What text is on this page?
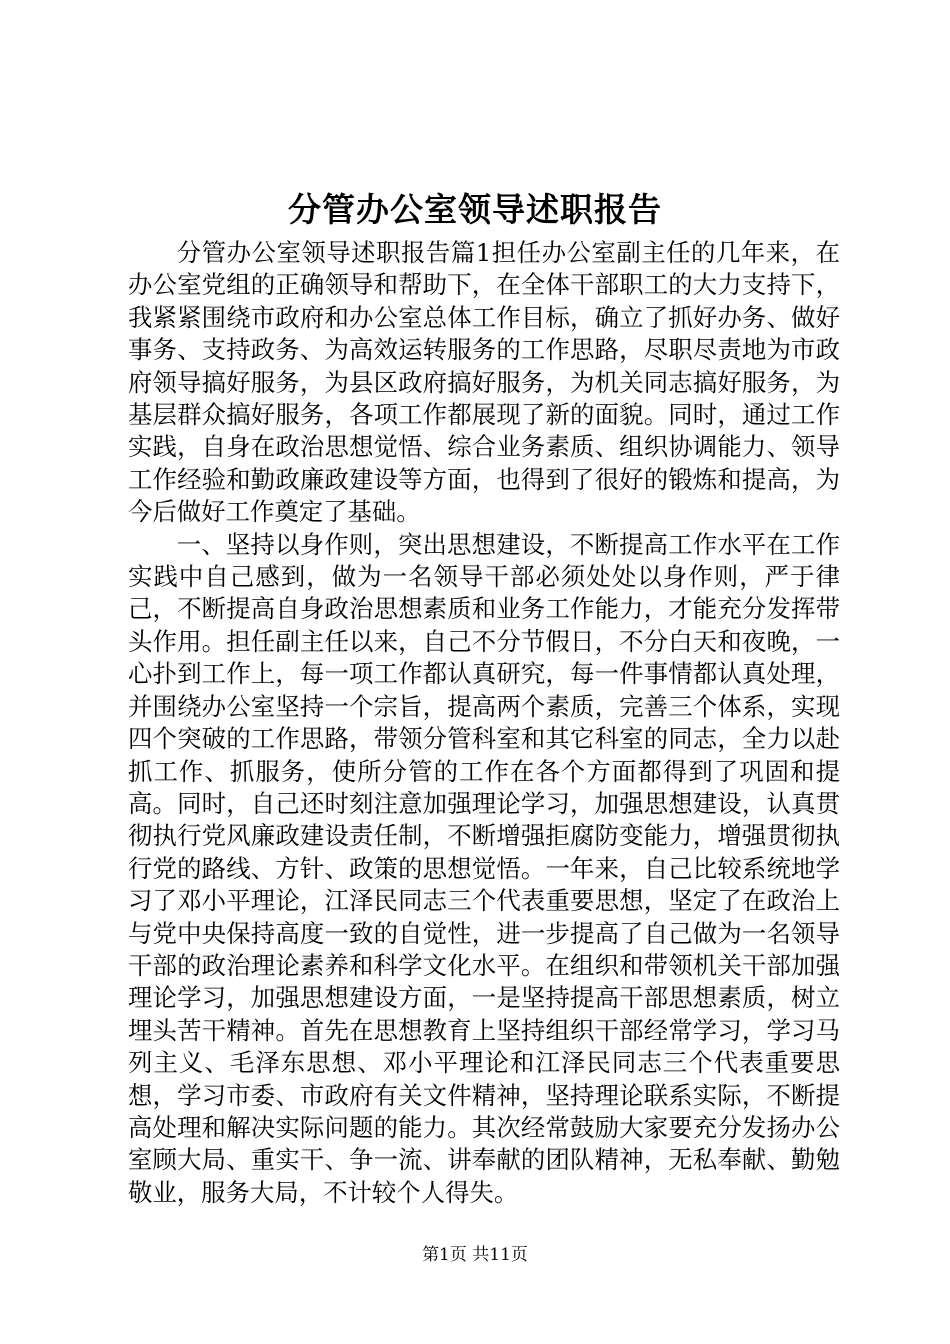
分管办公室领导述职报告

分管办公室领导述职报告篇1担任办公室副主任的几年来，在办公室党组的正确领导和帮助下，在全体干部职工的大力支持下，我紧紧围绕市政府和办公室总体工作目标，确立了抓好办务、做好事务、支持政务、为高效运转服务的工作思路，尽职尽责地为市政府领导搞好服务，为县区政府搞好服务，为机关同志搞好服务，为基层群众搞好服务，各项工作都展现了新的面貌。同时，通过工作实践，自身在政治思想觉悟、综合业务素质、组织协调能力、领导工作经验和勤政廉政建设等方面，也得到了很好的锻炼和提高，为今后做好工作奠定了基础。

一、坚持以身作则，突出思想建设，不断提高工作水平在工作实践中自己感到，做为一名领导干部必须处处以身作则，严于律己，不断提高自身政治思想素质和业务工作能力，才能充分发挥带头作用。担任副主任以来，自己不分节假日，不分白天和夜晚，一心扑到工作上，每一项工作都认真研究，每一件事情都认真处理，并围绕办公室坚持一个宗旨，提高两个素质，完善三个体系，实现四个突破的工作思路，带领分管科室和其它科室的同志，全力以赴抓工作、抓服务，使所分管的工作在各个方面都得到了巩固和提高。同时，自己还时刻注意加强理论学习，加强思想建设，认真贯彻执行党风廉政建设责任制，不断增强拒腐防变能力，增强贯彻执行党的路线、方针、政策的思想觉悟。一年来，自己比较系统地学习了邓小平理论，江泽民同志三个代表重要思想，坚定了在政治上与党中央保持高度一致的自觉性，进一步提高了自己做为一名领导干部的政治理论素养和科学文化水平。在组织和带领机关干部加强理论学习，加强思想建设方面，一是坚持提高干部思想素质，树立埋头苦干精神。首先在思想教育上坚持组织干部经常学习，学习马列主义、毛泽东思想、邓小平理论和江泽民同志三个代表重要思想，学习市委、市政府有关文件精神，坚持理论联系实际，不断提高处理和解决实际问题的能力。其次经常鼓励大家要充分发扬办公室顾大局、重实干、争一流、讲奉献的团队精神，无私奉献、勤勉敬业，服务大局，不计较个人得失。

第1页 共11页
